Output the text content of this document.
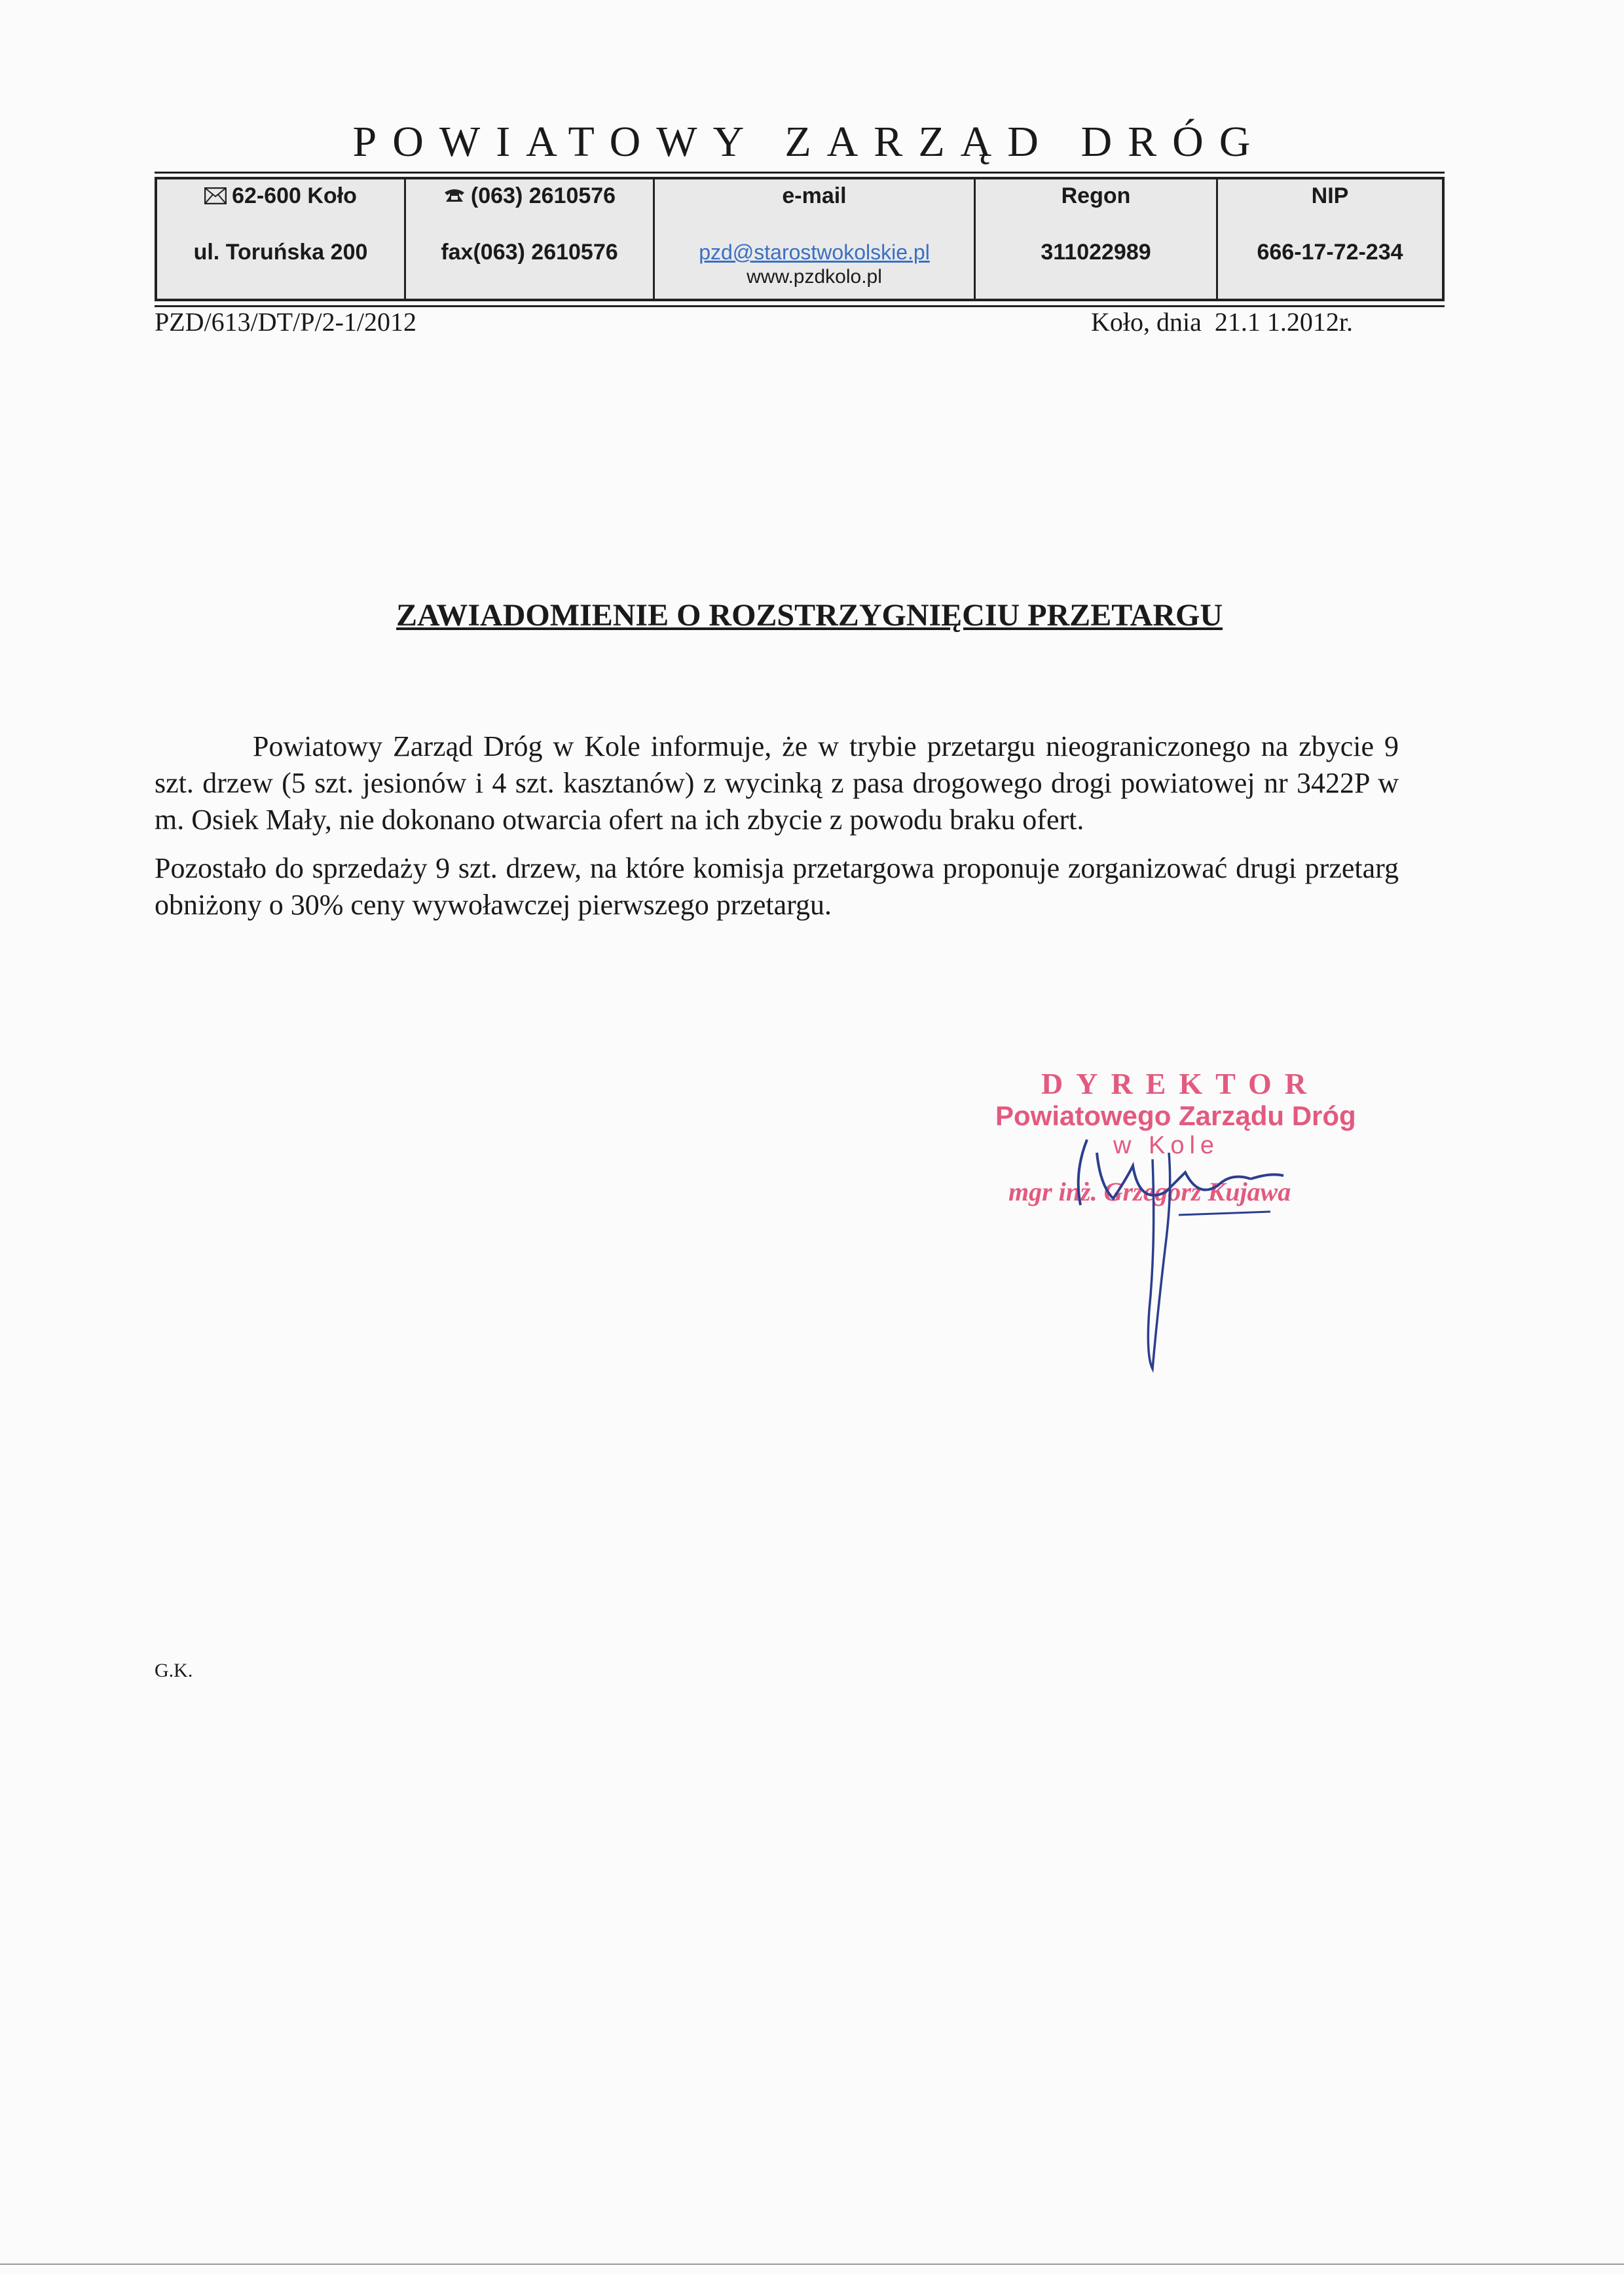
POWIATOWY ZARZĄD DRÓG
62-600 Koło
ul. Toruńska 200
(063) 2610576
fax(063) 2610576
e-mail
pzd@starostwokolskie.pl
www.pzdkolo.pl
Regon
311022989
NIP
666-17-72-234
PZD/613/DT/P/2-1/2012	Koło, dnia  21.1 1.2012r.
ZAWIADOMIENIE O ROZSTRZYGNIĘCIU PRZETARGU

Powiatowy Zarząd Dróg w Kole informuje, że w trybie przetargu nieograniczonego na zbycie 9 szt. drzew (5 szt. jesionów i 4 szt. kasztanów) z wycinką z pasa drogowego drogi powiatowej nr 3422P w m. Osiek Mały, nie dokonano otwarcia ofert na ich zbycie z powodu braku ofert.

Pozostało do sprzedaży 9 szt. drzew, na które komisja przetargowa proponuje zorganizować drugi przetarg obniżony o 30% ceny wywoławczej pierwszego przetargu.

DYREKTOR
Powiatowego Zarządu Dróg
w Kole
mgr inż. Grzegorz Kujawa
G.K.
